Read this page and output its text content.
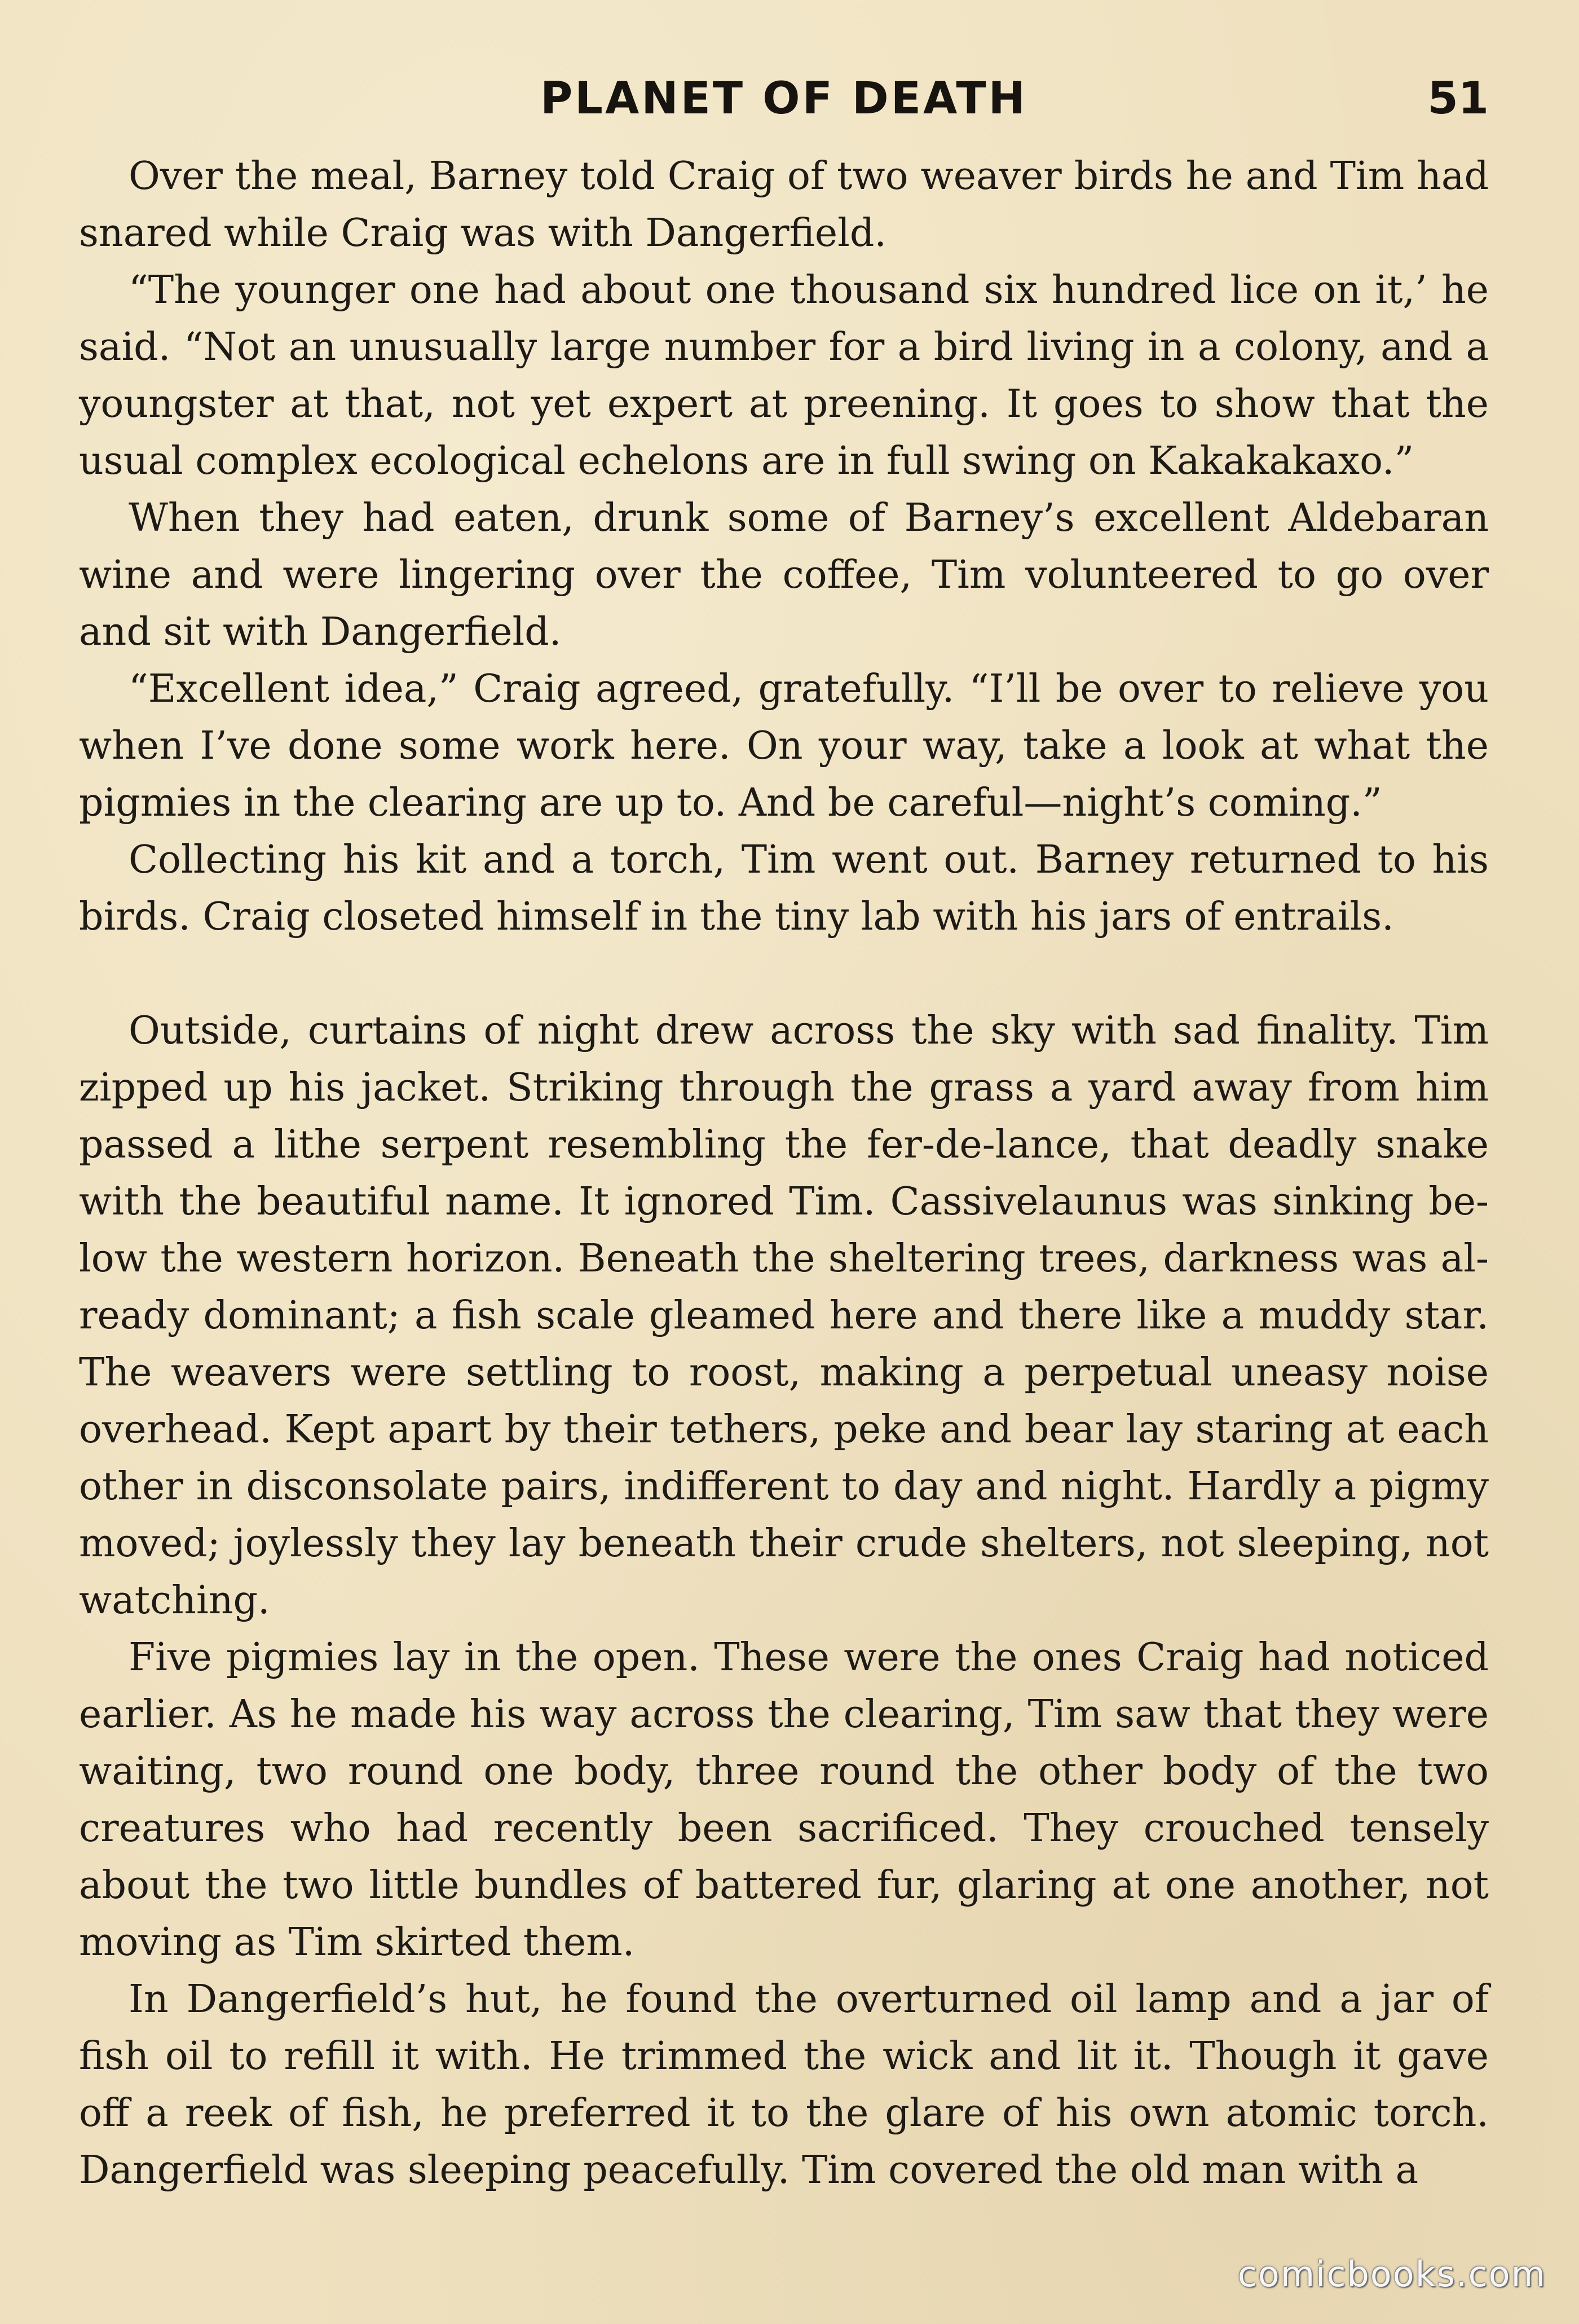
PLANET OF DEATH	51

Over the meal, Barney told Craig of two weaver birds he and Tim had snared while Craig was with Dangerfield.

“The younger one had about one thousand six hundred lice on it,’ he said. “Not an unusually large number for a bird living in a colony, and a youngster at that, not yet expert at preening. It goes to show that the usual complex ecological echelons are in full swing on Kakakakaxo.”

When they had eaten, drunk some of Barney’s excellent Aldebaran wine and were lingering over the coffee, Tim volunteered to go over and sit with Dangerfield.

“Excellent idea,” Craig agreed, gratefully. “I’ll be over to relieve you when I’ve done some work here. On your way, take a look at what the pigmies in the clearing are up to. And be careful—night’s coming.”

Collecting his kit and a torch, Tim went out. Barney returned to his birds. Craig closeted himself in the tiny lab with his jars of entrails.

Outside, curtains of night drew across the sky with sad finality. Tim zipped up his jacket. Striking through the grass a yard away from him passed a lithe serpent resembling the fer-de-lance, that deadly snake with the beautiful name. It ignored Tim. Cassivelaunus was sinking below the western horizon. Beneath the sheltering trees, darkness was already dominant; a fish scale gleamed here and there like a muddy star. The weavers were settling to roost, making a perpetual uneasy noise overhead. Kept apart by their tethers, peke and bear lay staring at each other in disconsolate pairs, indifferent to day and night. Hardly a pigmy moved; joylessly they lay beneath their crude shelters, not sleeping, not watching.

Five pigmies lay in the open. These were the ones Craig had noticed earlier. As he made his way across the clearing, Tim saw that they were waiting, two round one body, three round the other body of the two creatures who had recently been sacrificed. They crouched tensely about the two little bundles of battered fur, glaring at one another, not moving as Tim skirted them.

In Dangerfield’s hut, he found the overturned oil lamp and a jar of fish oil to refill it with. He trimmed the wick and lit it. Though it gave off a reek of fish, he preferred it to the glare of his own atomic torch. Dangerfield was sleeping peacefully. Tim covered the old man with a

comicbooks.com
